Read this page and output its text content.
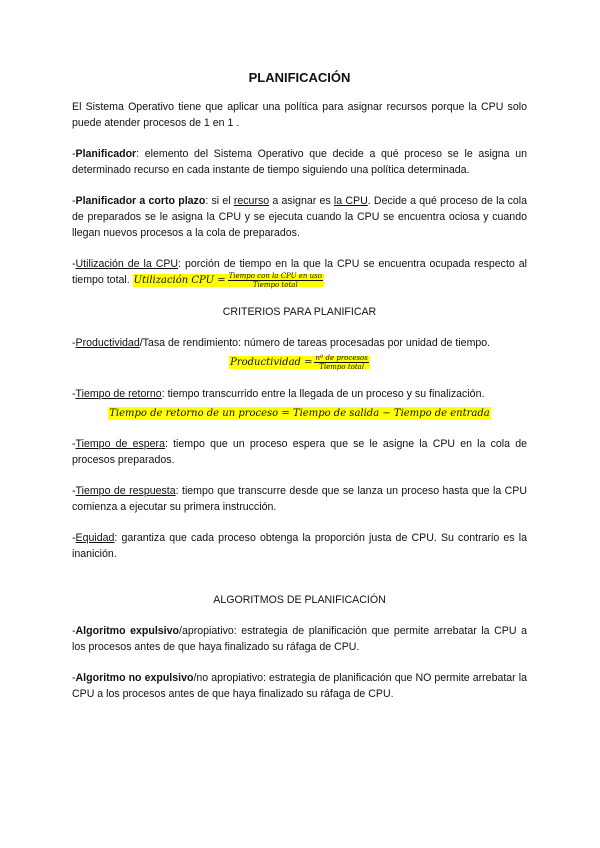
PLANIFICACIÓN

El Sistema Operativo tiene que aplicar una política para asignar recursos porque la CPU solo puede atender procesos de 1 en 1 .

-Planificador: elemento del Sistema Operativo que decide a qué proceso se le asigna un determinado recurso en cada instante de tiempo siguiendo una política determinada.

-Planificador a corto plazo: si el recurso a asignar es la CPU. Decide a qué proceso de la cola de preparados se le asigna la CPU y se ejecuta cuando la CPU se encuentra ociosa y cuando llegan nuevos procesos a la cola de preparados.

-Utilización de la CPU: porción de tiempo en la que la CPU se encuentra ocupada respecto al tiempo total. Utilización CPU = $\frac{\text{Tiempo con la CPU en uso}}{\text{Tiempo total}}$

CRITERIOS PARA PLANIFICAR

-Productividad/Tasa de rendimiento: número de tareas procesadas por unidad de tiempo.

Productividad = $\frac{\text{nº de procesos}}{\text{Tiempo total}}$

-Tiempo de retorno: tiempo transcurrido entre la llegada de un proceso y su finalización.

Tiempo de retorno de un proceso = Tiempo de salida − Tiempo de entrada

-Tiempo de espera: tiempo que un proceso espera que se le asigne la CPU en la cola de procesos preparados.

-Tiempo de respuesta: tiempo que transcurre desde que se lanza un proceso hasta que la CPU comienza a ejecutar su primera instrucción.

-Equidad: garantiza que cada proceso obtenga la proporción justa de CPU. Su contrario es la inanición.

ALGORITMOS DE PLANIFICACIÓN

-Algoritmo expulsivo/apropiativo: estrategia de planificación que permite arrebatar la CPU a los procesos antes de que haya finalizado su ráfaga de CPU.

-Algoritmo no expulsivo/no apropiativo: estrategia de planificación que NO permite arrebatar la CPU a los procesos antes de que haya finalizado su ráfaga de CPU.
